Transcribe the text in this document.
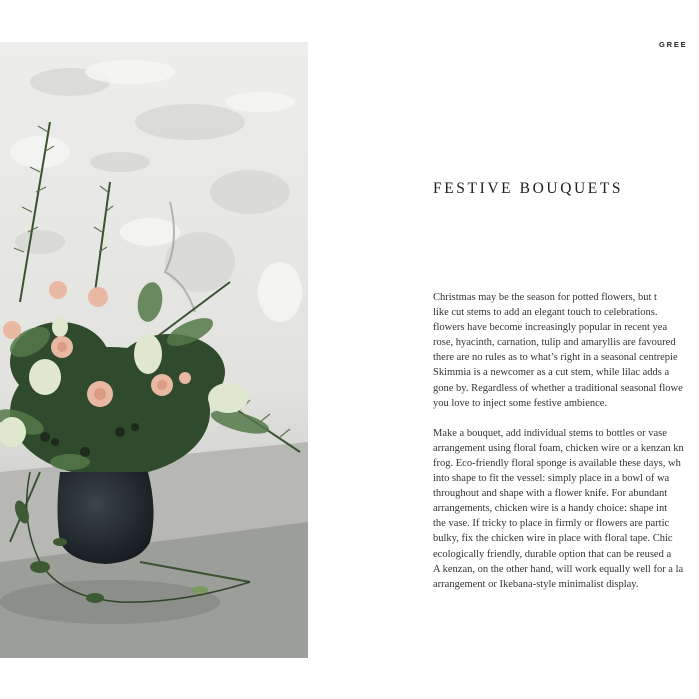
GREE
FESTIVE BOUQUETS

Christmas may be the season for potted flowers, but t
like cut stems to add an elegant touch to celebrations.
flowers have become increasingly popular in recent yea
rose, hyacinth, carnation, tulip and amaryllis are favoured
there are no rules as to what’s right in a seasonal centrepie
Skimmia is a newcomer as a cut stem, while lilac adds a
gone by. Regardless of whether a traditional seasonal flowe
you love to inject some festive ambience.

Make a bouquet, add individual stems to bottles or vase
arrangement using floral foam, chicken wire or a kenzan kn
frog. Eco-friendly floral sponge is available these days, wh
into shape to fit the vessel: simply place in a bowl of wa
throughout and shape with a flower knife. For abundant
arrangements, chicken wire is a handy choice: shape int
the vase. If tricky to place in firmly or flowers are partic
bulky, fix the chicken wire in place with floral tape. Chic
ecologically friendly, durable option that can be reused a
A kenzan, on the other hand, will work equally well for a la
arrangement or Ikebana-style minimalist display.
